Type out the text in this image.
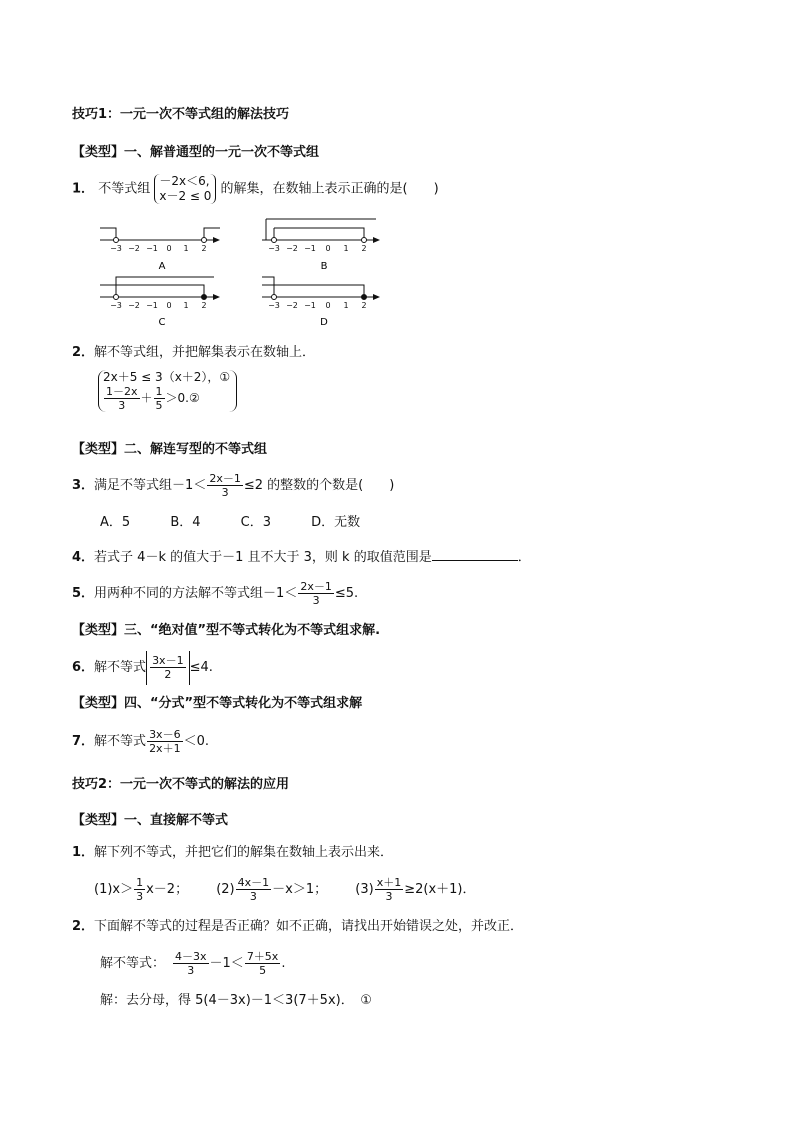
技巧1：一元一次不等式组的解法技巧
【类型】一、解普通型的一元一次不等式组
1． 不等式组
－2x＜6,
x－2 ≤ 0 的解集，在数轴上表示正确的是(　　)
−3 −2 −1 0 1 2
A
−3 −2 −1 0 1 2
B
−3 −2 −1 0 1 2
C
−3 −2 −1 0 1 2
D
2．解不等式组，并把解集表示在数轴上．
2x＋5 ≤ 3（x＋2），①
$\frac{1-2x}{3} + \frac{1}{5}$ ＞0.②
【类型】二、解连写型的不等式组
3．满足不等式组$-1< \frac{2x-1}{3} \le 2$ 的整数的个数是(　　)
A．5	B．4	C．3	D．无数
4．若式子 4－k 的值大于－1 且不大于 3，则 k 的取值范围是	．
5．用两种不同的方法解不等式组$-1< \frac{2x-1}{3} \le 5$.
【类型】三、“绝对值”型不等式转化为不等式组求解.
6．解不等式 $\frac{3x-1}{2} \le 4$.
【类型】四、“分式”型不等式转化为不等式组求解
7．解不等式 $\frac{3x-6}{2x+1} <0$.
技巧2：一元一次不等式的解法的应用
【类型】一、直接解不等式
1．解下列不等式，并把它们的解集在数轴上表示出来．
$(1)x> \frac{1}{3} x-2$； $(2) \frac{4x-1}{3} -x>1$； $(3) \frac{x+1}{3} \ge 2(x+1)$．
2．下面解不等式的过程是否正确？如不正确，请找出开始错误之处，并改正．
解不等式： $\frac{4-3x}{3} -1< \frac{7+5x}{5}$ .
解：去分母，得 5(4－3x)－1＜3(7＋5x)．　①
